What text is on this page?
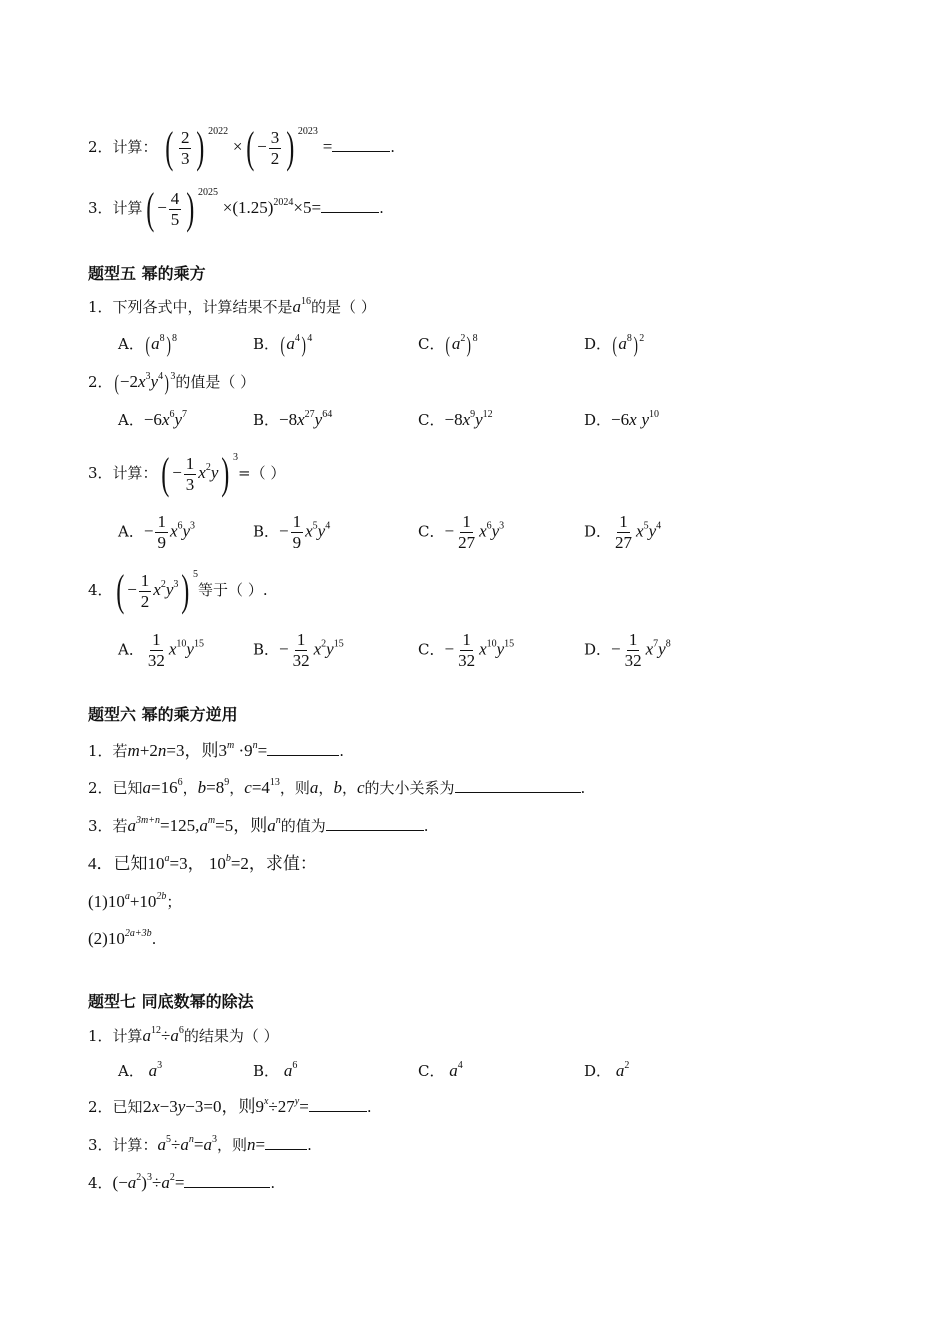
2．计算： ( $\frac{2}{3}$ ) $^{2022}$ ×( − $\frac{3}{2}$ ) $^{2023}$ =	.
3．计算( − $\frac{4}{5}$ ) $^{2025} \times(1.25)^{2024}\times 5=$	.
题型五 幂的乘方
1．下列各式中，计算结果不是$a^{16}$的是（ ）
A．$(a^8)^8$	B．$(a^4)^4$	C．$(a^2)^8$	D．$(a^8)^2$
2．$(-2x^3y^4)^3$的值是（ ）
A．$-6x^6y^7$	B．$-8x^{27}y^{64}$	C．$-8x^9y^{12}$	D．−6x $y^{10}$
3．计算：( − $\frac{1}{3} x^2y$) $^3$=（ ）
A．− $\frac{1}{9} x^6y^3$	B．− $\frac{1}{9} x^5y^4$	C．− $\frac{1}{27} x^6y^3$	D． $\frac{1}{27} x^5y^4$
4．( − $\frac{1}{2} x^2y^3$) $^5$等于（ ）.
A． $\frac{1}{32} x^{10}y^{15}$	B．− $\frac{1}{32} x^2y^{15}$	C．− $\frac{1}{32} x^{10}y^{15}$	D．− $\frac{1}{32} x^7y^8$
题型六 幂的乘方逆用
1．若m+2n=3，则$3^m \cdot 9^n=$	.
2．已知$a=16^6$，$b=8^9$，$c=4^{13}$，则a，b，c的大小关系为	.
3．若$a^{3m+n}=125,a^m=5$，则$a^n$的值为	.
4．已知$10^a=3$， $10^b=2$，求值：
$(1)10^a+10^{2b}$；
$(2)10^{2a+3b}$.
题型七 同底数幂的除法
1．计算$a^{12}\div a^6$的结果为（ ）
A． $a^3$	B． $a^6$	C． $a^4$	D． $a^2$
2．已知2x−3y−3=0，则$9^x\div 27^y=$	.
3．计算：$a^5\div a^n=a^3$，则n=	.
4．$(-a^2)^3\div a^2=$	.
